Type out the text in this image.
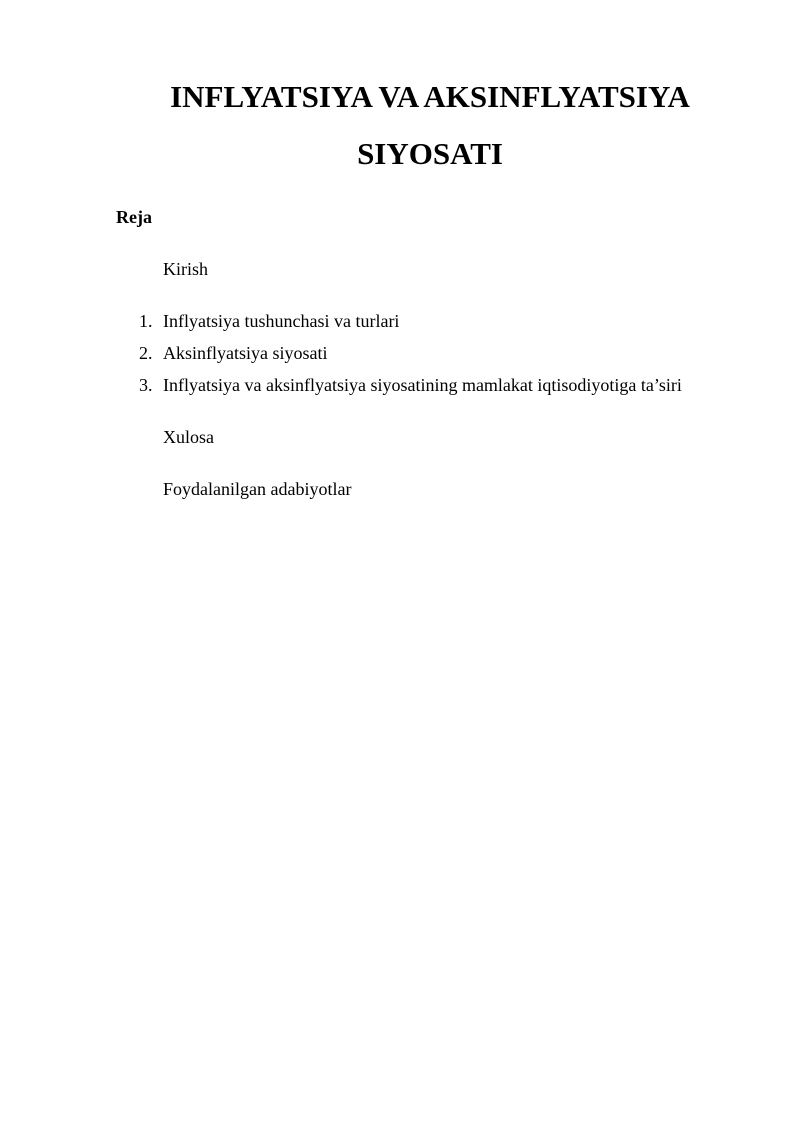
INFLYATSIYA VA AKSINFLYATSIYA
SIYOSATI

Reja

Kirish

1. Inflyatsiya tushunchasi va turlari

2. Aksinflyatsiya siyosati

3. Inflyatsiya va aksinflyatsiya siyosatining mamlakat iqtisodiyotiga ta’siri

Xulosa

Foydalanilgan adabiyotlar
